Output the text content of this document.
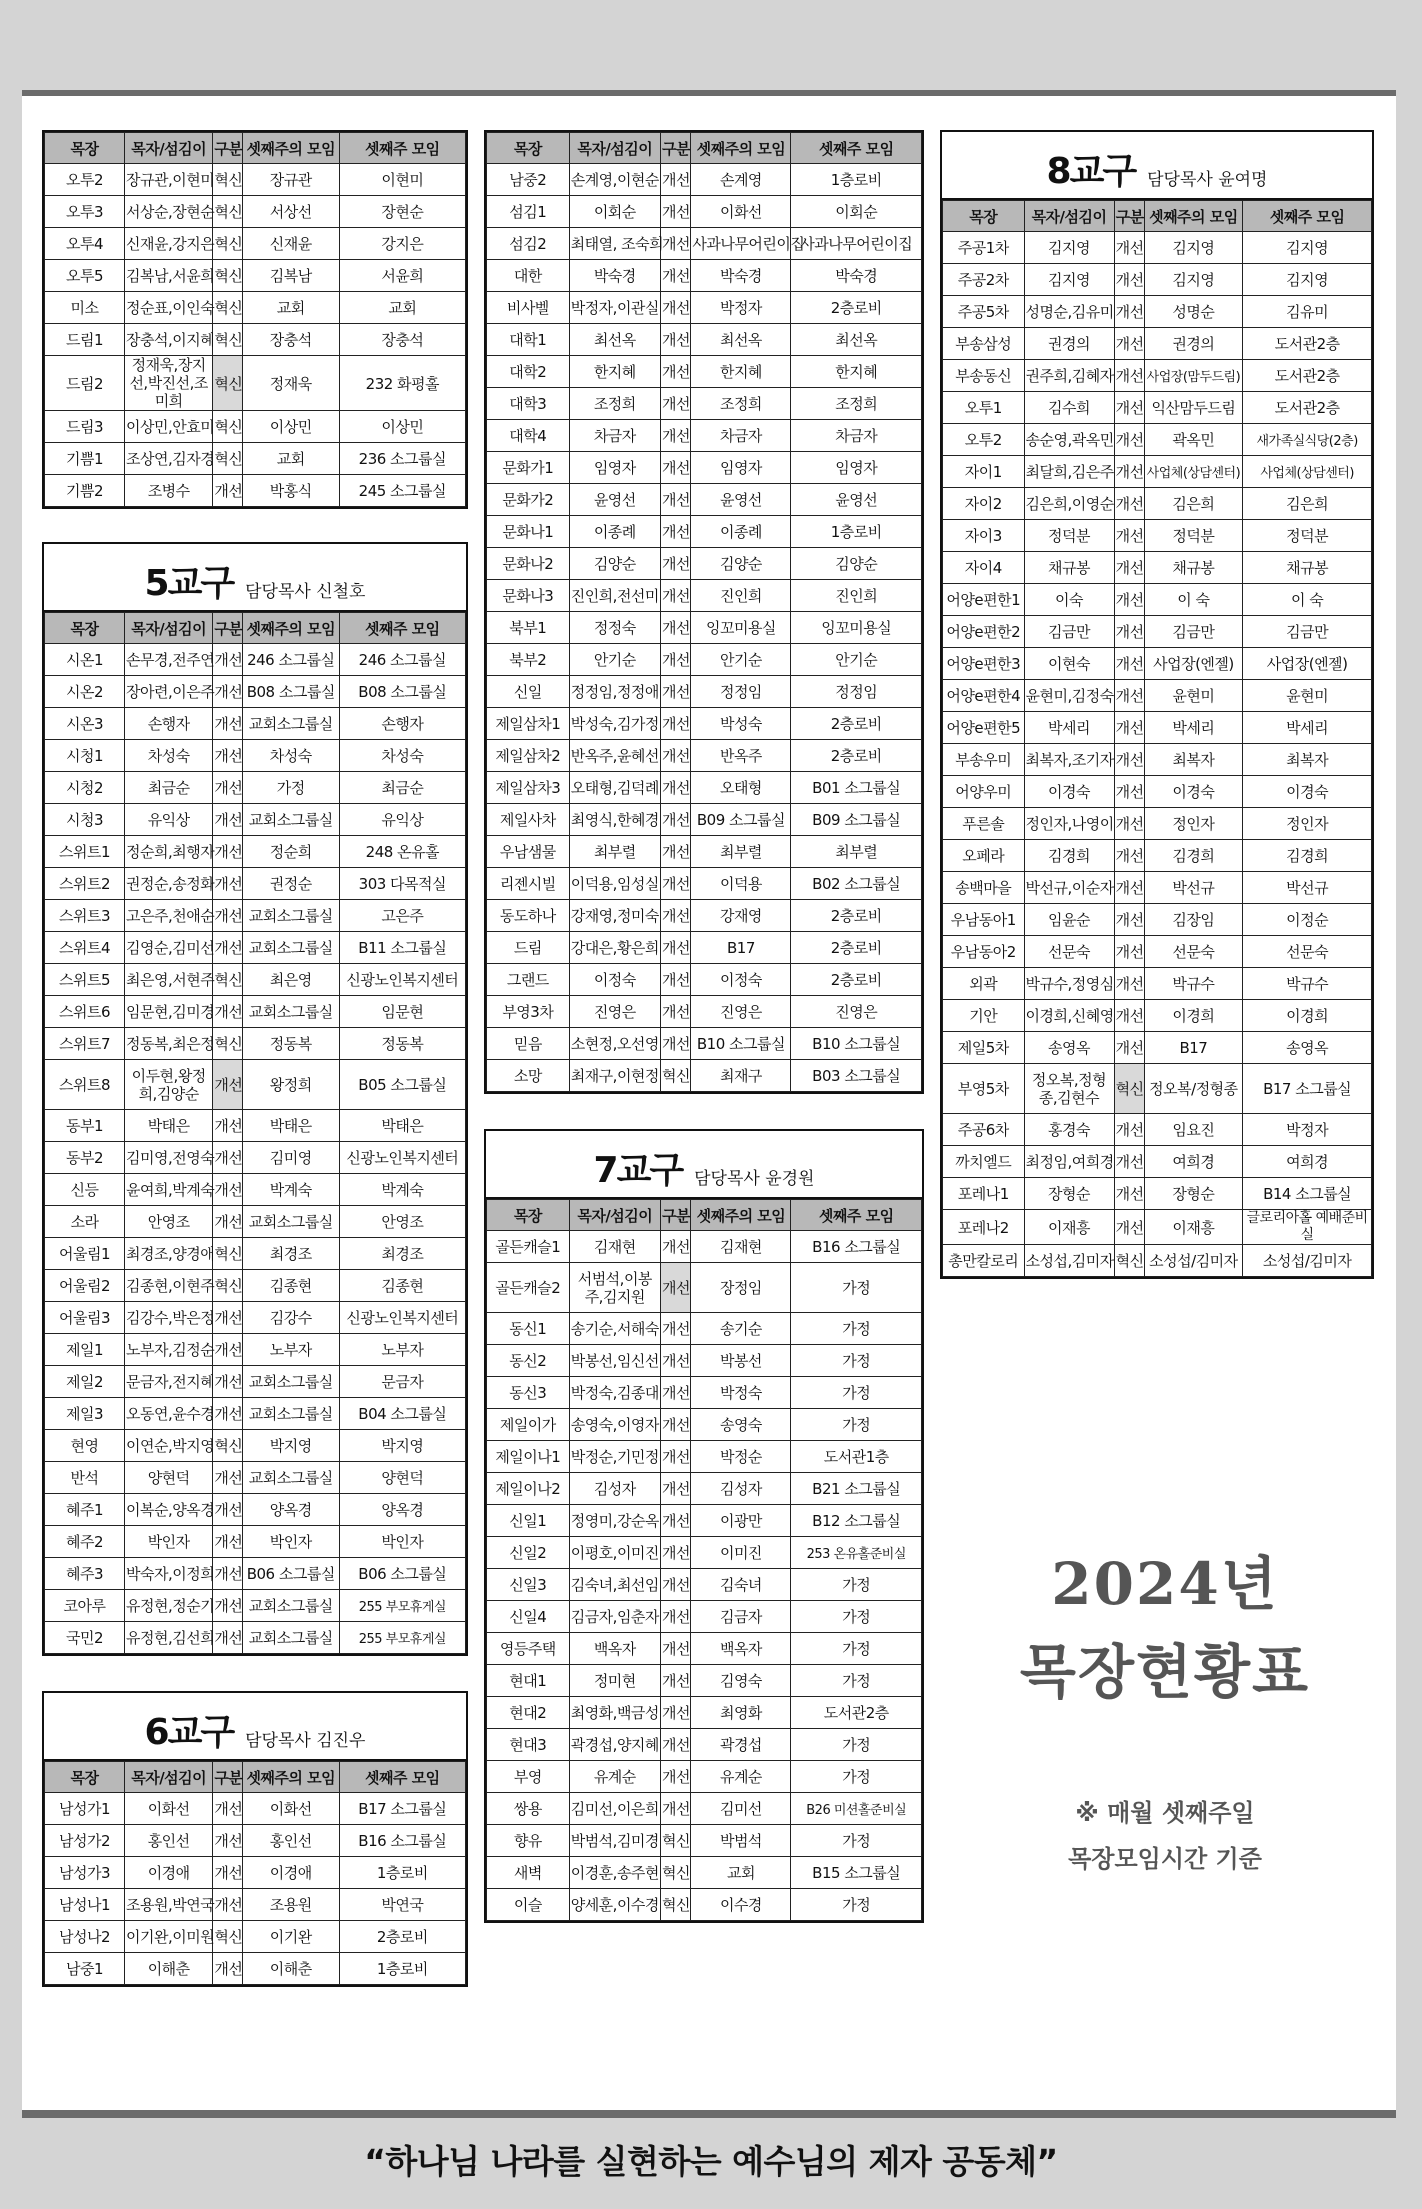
목장	목자/섬김이	구분	셋째주의 모임	셋째주 모임
오투2	장규관,이현미	혁신	장규관	이현미
오투3	서상순,장현순	혁신	서상선	장현순
오투4	신재윤,강지은	혁신	신재윤	강지은
오투5	김복남,서윤희	혁신	김복남	서윤희
미소	정순표,이인숙	혁신	교회	교회
드림1	장충석,이지혜	혁신	장충석	장충석
드림2	정재욱,장지선,박진선,조미희	혁신	정재욱	232 화평홀
드림3	이상민,안효미	혁신	이상민	이상민
기쁨1	조상연,김자경	혁신	교회	236 소그룹실
기쁨2	조병수	개선	박홍식	245 소그룹실
5교구 담당목사 신철호
목장	목자/섬김이	구분	셋째주의 모임	셋째주 모임
시온1	손무경,전주연	개선	246 소그룹실	246 소그룹실
시온2	장아련,이은주	개선	B08 소그룹실	B08 소그룹실
시온3	손행자	개선	교회소그룹실	손행자
시청1	차성숙	개선	차성숙	차성숙
시청2	최금순	개선	가정	최금순
시청3	유익상	개선	교회소그룹실	유익상
스위트1	정순희,최행자	개선	정순희	248 온유홀
스위트2	권정순,송정화	개선	권정순	303 다목적실
스위트3	고은주,천애순	개선	교회소그룹실	고은주
스위트4	김영순,김미선	개선	교회소그룹실	B11 소그룹실
스위트5	최은영,서현주	혁신	최은영	신광노인복지센터
스위트6	임문현,김미경	개선	교회소그룹실	임문현
스위트7	정동복,최은정	혁신	정동복	정동복
스위트8	이두현,왕정희,김양순	개선	왕정희	B05 소그룹실
동부1	박태은	개선	박태은	박태은
동부2	김미영,전영숙	개선	김미영	신광노인복지센터
신등	윤여희,박계숙	개선	박계숙	박계숙
소라	안영조	개선	교회소그룹실	안영조
어울림1	최경조,양경애	혁신	최경조	최경조
어울림2	김종현,이현주	혁신	김종현	김종현
어울림3	김강수,박은정	개선	김강수	신광노인복지센터
제일1	노부자,김정순	개선	노부자	노부자
제일2	문금자,전지혜	개선	교회소그룹실	문금자
제일3	오동연,윤수경	개선	교회소그룹실	B04 소그룹실
현영	이연순,박지영	혁신	박지영	박지영
반석	양현덕	개선	교회소그룹실	양현덕
혜주1	이복순,양옥경	개선	양옥경	양옥경
혜주2	박인자	개선	박인자	박인자
혜주3	박숙자,이정희	개선	B06 소그룹실	B06 소그룹실
코아루	유정현,정순기	개선	교회소그룹실	255 부모휴게실
국민2	유정현,김선희	개선	교회소그룹실	255 부모휴게실
6교구 담당목사 김진우
목장	목자/섬김이	구분	셋째주의 모임	셋째주 모임
남성가1	이화선	개선	이화선	B17 소그룹실
남성가2	홍인선	개선	홍인선	B16 소그룹실
남성가3	이경애	개선	이경애	1층로비
남성나1	조용원,박연국	개선	조용원	박연국
남성나2	이기완,이미원	혁신	이기완	2층로비
남중1	이해춘	개선	이해춘	1층로비
목장	목자/섬김이	구분	셋째주의 모임	셋째주 모임
남중2	손계영,이현순	개선	손계영	1층로비
섬김1	이회순	개선	이화선	이회순
섬김2	최태열, 조숙희	개선	사과나무어린이집	사과나무어린이집
대한	박숙경	개선	박숙경	박숙경
비사벨	박정자,이관실	개선	박정자	2층로비
대학1	최선옥	개선	최선옥	최선옥
대학2	한지혜	개선	한지혜	한지혜
대학3	조정희	개선	조정희	조정희
대학4	차금자	개선	차금자	차금자
문화가1	임영자	개선	임영자	임영자
문화가2	윤영선	개선	윤영선	윤영선
문화나1	이종례	개선	이종례	1층로비
문화나2	김양순	개선	김양순	김양순
문화나3	진인희,전선미	개선	진인희	진인희
북부1	정정숙	개선	잉꼬미용실	잉꼬미용실
북부2	안기순	개선	안기순	안기순
신일	정정임,정정애	개선	정정임	정정임
제일삼차1	박성숙,김가정	개선	박성숙	2층로비
제일삼차2	반옥주,윤혜선	개선	반옥주	2층로비
제일삼차3	오태형,김덕례	개선	오태형	B01 소그룹실
제일사차	최영식,한혜경	개선	B09 소그룹실	B09 소그룹실
우남샘물	최부렬	개선	최부렬	최부렬
리젠시빌	이덕용,임성실	개선	이덕용	B02 소그룹실
동도하나	강재영,정미숙	개선	강재영	2층로비
드림	강대은,황은희	개선	B17	2층로비
그랜드	이정숙	개선	이정숙	2층로비
부영3차	진영은	개선	진영은	진영은
믿음	소현정,오선영	개선	B10 소그룹실	B10 소그룹실
소망	최재구,이현정	혁신	최재구	B03 소그룹실
7교구 담당목사 윤경원
목장	목자/섬김이	구분	셋째주의 모임	셋째주 모임
골든캐슬1	김재현	개선	김재현	B16 소그룹실
골든캐슬2	서범석,이봉주,김지원	개선	장정임	가정
동신1	송기순,서해숙	개선	송기순	가정
동신2	박봉선,임신선	개선	박봉선	가정
동신3	박정숙,김종대	개선	박정숙	가정
제일이가	송영숙,이영자	개선	송영숙	가정
제일이나1	박정순,기민정	개선	박정순	도서관1층
제일이나2	김성자	개선	김성자	B21 소그룹실
신일1	정영미,강순옥	개선	이광만	B12 소그룹실
신일2	이평호,이미진	개선	이미진	253 온유홀준비실
신일3	김숙녀,최선임	개선	김숙녀	가정
신일4	김금자,임춘자	개선	김금자	가정
영등주택	백옥자	개선	백옥자	가정
현대1	정미현	개선	김영숙	가정
현대2	최영화,백금성	개선	최영화	도서관2층
현대3	곽경섭,양지혜	개선	곽경섭	가정
부영	유계순	개선	유계순	가정
쌍용	김미선,이은희	개선	김미선	B26 미션홀준비실
향유	박범석,김미경	혁신	박범석	가정
새벽	이경훈,송주현	혁신	교회	B15 소그룹실
이슬	양세훈,이수경	혁신	이수경	가정
8교구 담당목사 윤여명
목장	목자/섬김이	구분	셋째주의 모임	셋째주 모임
주공1차	김지영	개선	김지영	김지영
주공2차	김지영	개선	김지영	김지영
주공5차	성명순,김유미	개선	성명순	김유미
부송삼성	권경의	개선	권경의	도서관2층
부송동신	권주희,김혜자	개선	사업장(맘두드림)	도서관2층
오투1	김수희	개선	익산맘두드림	도서관2층
오투2	송순영,곽옥민	개선	곽옥민	새가족실식당(2층)
자이1	최달희,김은주	개선	사업체(상담센터)	사업체(상담센터)
자이2	김은희,이영순	개선	김은희	김은희
자이3	정덕분	개선	정덕분	정덕분
자이4	채규봉	개선	채규봉	채규봉
어양e편한1	이숙	개선	이 숙	이 숙
어양e편한2	김금만	개선	김금만	김금만
어양e편한3	이현숙	개선	사업장(엔젤)	사업장(엔젤)
어양e편한4	윤현미,김정숙	개선	윤현미	윤현미
어양e편한5	박세리	개선	박세리	박세리
부송우미	최복자,조기자	개선	최복자	최복자
어양우미	이경숙	개선	이경숙	이경숙
푸른솔	정인자,나영이	개선	정인자	정인자
오페라	김경희	개선	김경희	김경희
송백마을	박선규,이순자	개선	박선규	박선규
우남동아1	임윤순	개선	김장임	이정순
우남동아2	선문숙	개선	선문숙	선문숙
외곽	박규수,정영심	개선	박규수	박규수
기안	이경희,신혜영	개선	이경희	이경희
제일5차	송영옥	개선	B17	송영옥
부영5차	정오복,정형종,김현수	혁신	정오복/정형종	B17 소그룹실
주공6차	홍경숙	개선	임요진	박정자
까치엘드	최정임,여희경	개선	여희경	여희경
포레나1	장형순	개선	장형순	B14 소그룹실
포레나2	이재흥	개선	이재흥	글로리아홀 예배준비실
총만칼로리	소성섭,김미자	혁신	소성섭/김미자	소성섭/김미자
2024년
목장현황표
※ 매월 셋째주일
목장모임시간 기준
“하나님 나라를 실현하는 예수님의 제자 공동체”
